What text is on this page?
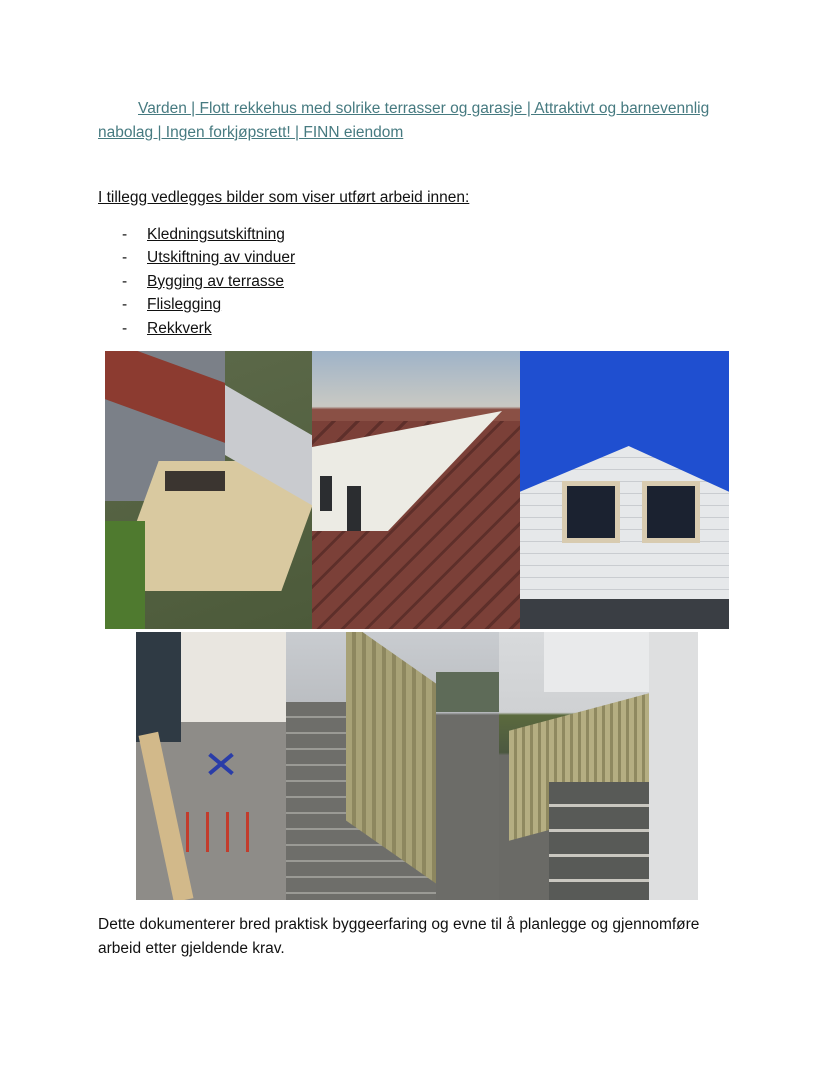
Varden | Flott rekkehus med solrike terrasser og garasje | Attraktivt og barnevennlig nabolag | Ingen forkjøpsrett! | FINN eiendom
I tillegg vedlegges bilder som viser utført arbeid innen:
-	Kledningsutskiftning
-	Utskiftning av vinduer
-	Bygging av terrasse
-	Flislegging
-	Rekkverk
Dette dokumenterer bred praktisk byggeerfaring og evne til å planlegge og gjennomføre arbeid etter gjeldende krav.
